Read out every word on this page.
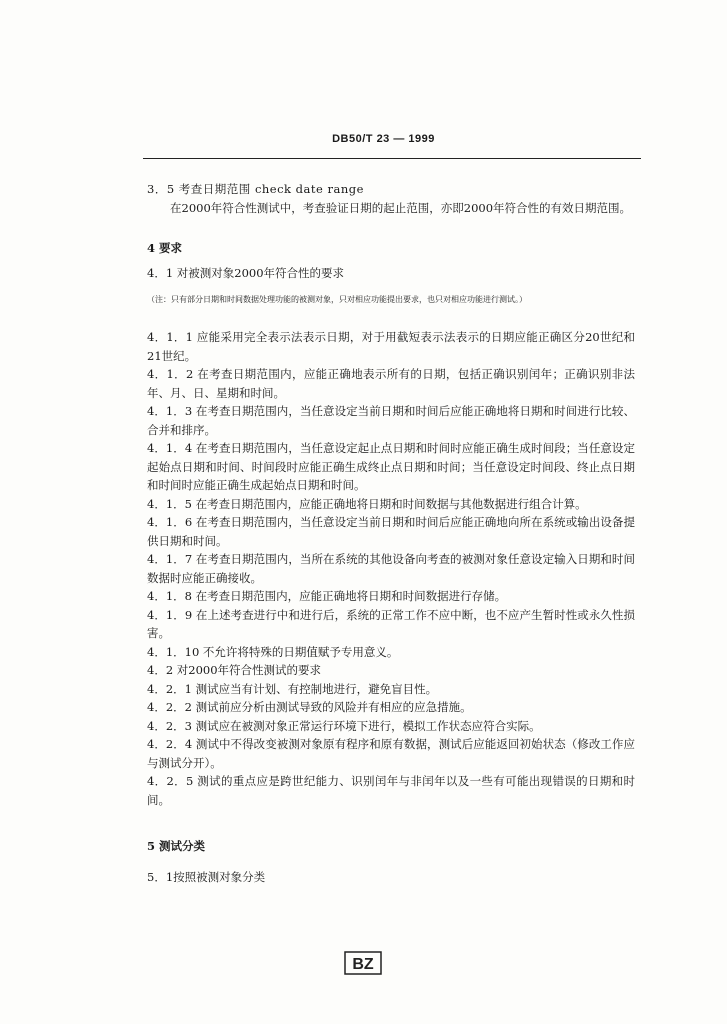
DB50/T 23 — 1999

3．5 考查日期范围 check date range

在2000年符合性测试中，考查验证日期的起止范围，亦即2000年符合性的有效日期范围。

4 要求

4．1 对被测对象2000年符合性的要求

（注：只有部分日期和时间数据处理功能的被测对象，只对相应功能提出要求，也只对相应功能进行测试。）

4．1．1 应能采用完全表示法表示日期，对于用截短表示法表示的日期应能正确区分20世纪和21世纪。

4．1．2 在考查日期范围内，应能正确地表示所有的日期，包括正确识别闰年；正确识别非法年、月、日、星期和时间。

4．1．3 在考查日期范围内，当任意设定当前日期和时间后应能正确地将日期和时间进行比较、合并和排序。

4．1．4 在考查日期范围内，当任意设定起止点日期和时间时应能正确生成时间段；当任意设定起始点日期和时间、时间段时应能正确生成终止点日期和时间；当任意设定时间段、终止点日期和时间时应能正确生成起始点日期和时间。

4．1．5 在考查日期范围内，应能正确地将日期和时间数据与其他数据进行组合计算。

4．1．6 在考查日期范围内，当任意设定当前日期和时间后应能正确地向所在系统或输出设备提供日期和时间。

4．1．7 在考查日期范围内，当所在系统的其他设备向考查的被测对象任意设定输入日期和时间数据时应能正确接收。

4．1．8 在考查日期范围内，应能正确地将日期和时间数据进行存储。

4．1．9 在上述考查进行中和进行后，系统的正常工作不应中断，也不应产生暂时性或永久性损害。

4．1．10 不允许将特殊的日期值赋予专用意义。

4．2 对2000年符合性测试的要求

4．2．1 测试应当有计划、有控制地进行，避免盲目性。

4．2．2 测试前应分析由测试导致的风险并有相应的应急措施。

4．2．3 测试应在被测对象正常运行环境下进行，模拟工作状态应符合实际。

4．2．4 测试中不得改变被测对象原有程序和原有数据，测试后应能返回初始状态（修改工作应与测试分开）。

4．2．5 测试的重点应是跨世纪能力、识别闰年与非闰年以及一些有可能出现错误的日期和时间。

5 测试分类

5．1按照被测对象分类

BZ
